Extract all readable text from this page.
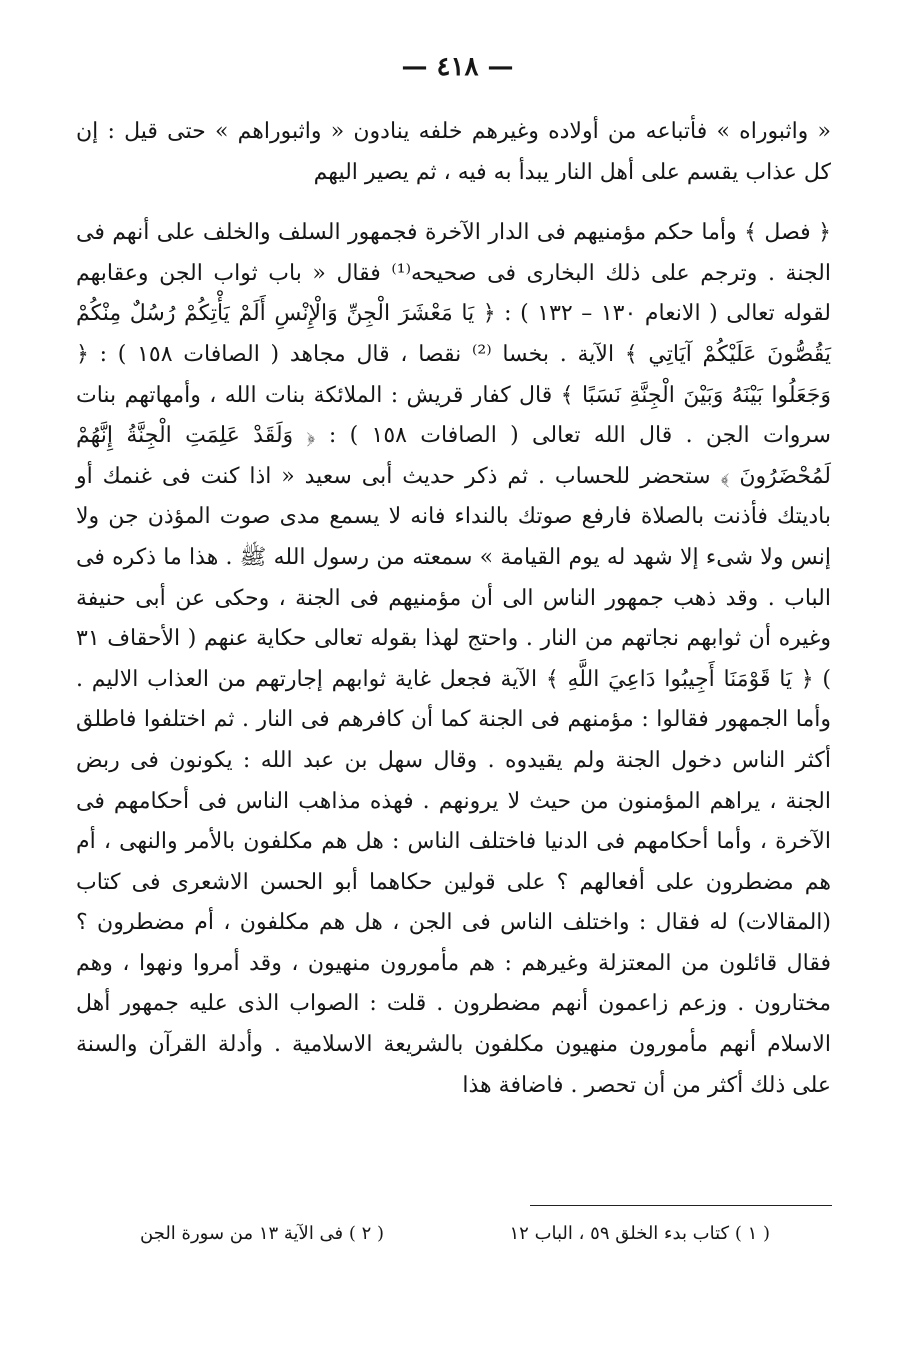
— ٤١٨ —

« واثبوراه » فأتباعه من أولاده وغيرهم خلفه ينادون « واثبوراهم » حتى قيل : إن كل عذاب يقسم على أهل النار يبدأ به فيه ، ثم يصير اليهم

﴿ فصل ﴾ وأما حكم مؤمنيهم فى الدار الآخرة فجمهور السلف والخلف على أنهم فى الجنة . وترجم على ذلك البخارى فى صحيحه⁽¹⁾ فقال « باب ثواب الجن وعقابهم لقوله تعالى ( الانعام ١٣٠ – ١٣٢ ) : ﴿ يَا مَعْشَرَ الْجِنِّ وَالْإِنْسِ أَلَمْ يَأْتِكُمْ رُسُلٌ مِنْكُمْ يَقُصُّونَ عَلَيْكُمْ آيَاتِي ﴾ الآية . بخسا ⁽²⁾ نقصا ، قال مجاهد ( الصافات ١٥٨ ) : ﴿ وَجَعَلُوا بَيْنَهُ وَبَيْنَ الْجِنَّةِ نَسَبًا ﴾ قال كفار قريش : الملائكة بنات الله ، وأمهاتهم بنات سروات الجن . قال الله تعالى ( الصافات ١٥٨ ) : ﴿ وَلَقَدْ عَلِمَتِ الْجِنَّةُ إِنَّهُمْ لَمُحْضَرُونَ ﴾ ستحضر للحساب . ثم ذكر حديث أبى سعيد « اذا كنت فى غنمك أو باديتك فأذنت بالصلاة فارفع صوتك بالنداء فانه لا يسمع مدى صوت المؤذن جن ولا إنس ولا شىء إلا شهد له يوم القيامة » سمعته من رسول الله ﷺ . هذا ما ذكره فى الباب . وقد ذهب جمهور الناس الى أن مؤمنيهم فى الجنة ، وحكى عن أبى حنيفة وغيره أن ثوابهم نجاتهم من النار . واحتج لهذا بقوله تعالى حكاية عنهم ( الأحقاف ٣١ ) ﴿ يَا قَوْمَنَا أَجِيبُوا دَاعِيَ اللَّهِ ﴾ الآية فجعل غاية ثوابهم إجارتهم من العذاب الاليم . وأما الجمهور فقالوا : مؤمنهم فى الجنة كما أن كافرهم فى النار . ثم اختلفوا فاطلق أكثر الناس دخول الجنة ولم يقيدوه . وقال سهل بن عبد الله : يكونون فى ربض الجنة ، يراهم المؤمنون من حيث لا يرونهم . فهذه مذاهب الناس فى أحكامهم فى الآخرة ، وأما أحكامهم فى الدنيا فاختلف الناس : هل هم مكلفون بالأمر والنهى ، أم هم مضطرون على أفعالهم ؟ على قولين حكاهما أبو الحسن الاشعرى فى كتاب (المقالات) له فقال : واختلف الناس فى الجن ، هل هم مكلفون ، أم مضطرون ؟ فقال قائلون من المعتزلة وغيرهم : هم مأمورون منهيون ، وقد أمروا ونهوا ، وهم مختارون . وزعم زاعمون أنهم مضطرون . قلت : الصواب الذى عليه جمهور أهل الاسلام أنهم مأمورون منهيون مكلفون بالشريعة الاسلامية . وأدلة القرآن والسنة على ذلك أكثر من أن تحصر . فاضافة هذا

( ١ ) كتاب بدء الخلق ٥٩ ، الباب ١٢
( ٢ ) فى الآية ١٣ من سورة الجن
